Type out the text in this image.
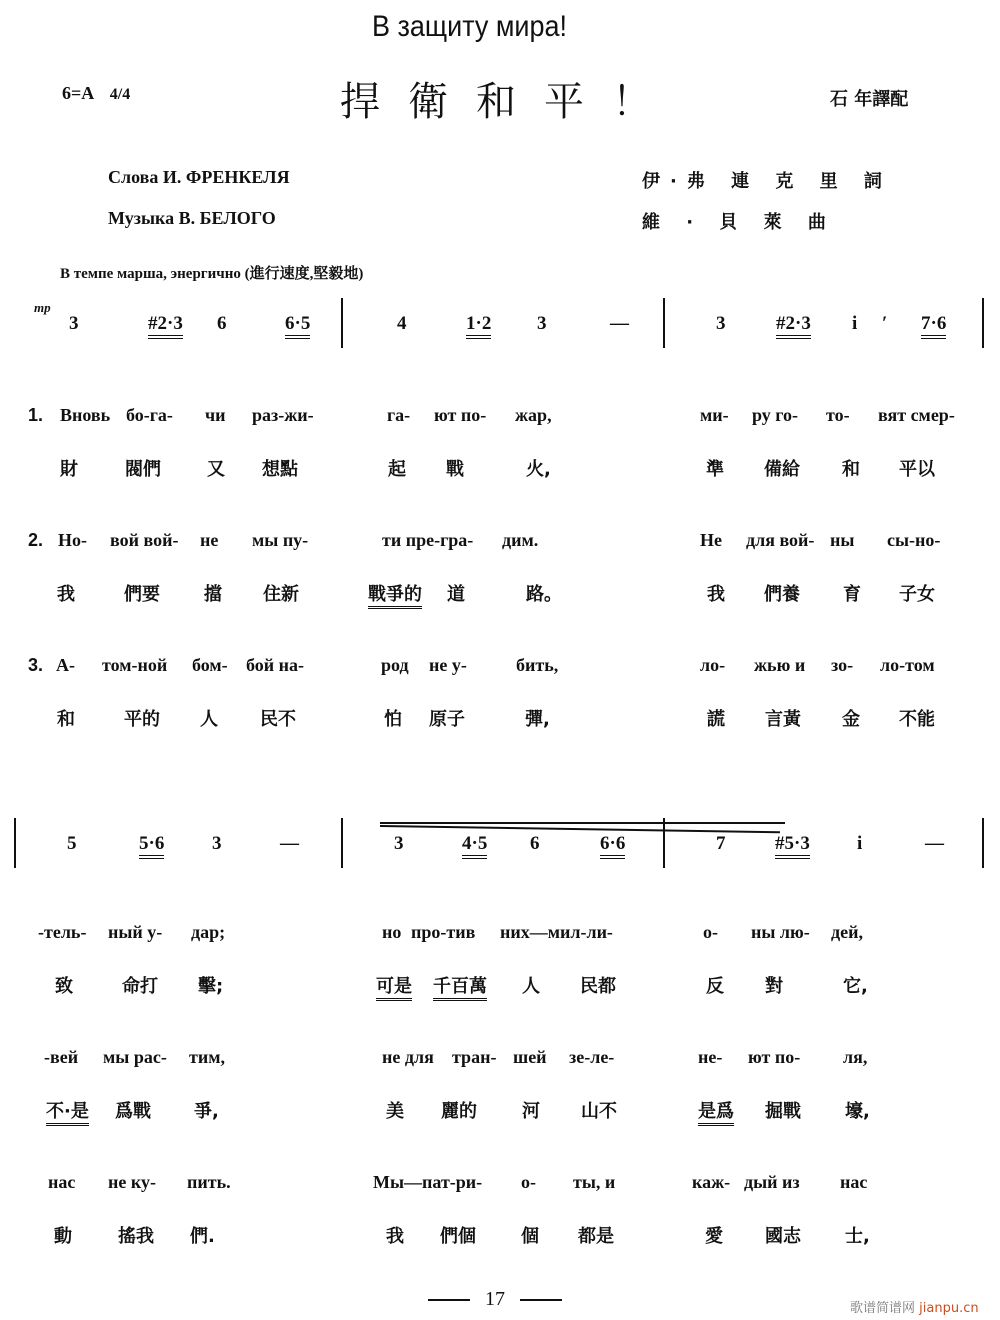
В защиту мира!
6=A 4/4	捍衛和平！	石 年譯配
Слова И. ФРЕНКЕЛЯ
Музыка В. БЕЛОГО
伊·弗 連 克 里 詞
維 · 貝 萊 曲
В темпе марша, энергично (進行速度,堅毅地)
mp
3	#2·3 6	6·5	4	1·2 3	—	3	#2·3 i ′ 7·6
1. Вновь бо-га- чи раз-жи-	га- ют по- жар,	ми- ру го- то- вят смер-
財	閥們	又 想點	起 戰	火,	準 備給 和 平以
2. Но- вой вой- не мы пу-	ти пре-гра- дим.	Не для вой- ны сы-но-
我	們要 擋 住新	戰爭的 道	路。	我 們養 育 子女
3. А- том-ной бом- бой на-	род не у-	бить,	ло- жью и зо- ло-том
和	平的 人 民不	怕 原子	彈,	謊 言黃 金 不能
5	5·6	3	—	3	4·5 6	6·6	7	#5·3 i	—
-тель- ный у- дар;	но про-тив них—мил-ли-	о- ны лю- дей,
致	命打 擊;	可是 千百萬 人 民都	反 對	它,
-вей мы рас- тим,	не для тран- шей зе-ле-	не- ют по- ля,
不·是 爲戰 爭,	美 麗的	河 山不	是爲 掘戰 壕,
нас не ку- пить.	Мы—пат-ри- о- ты, и	каж- дый из нас
動	搖我 們.	我 們個	個 都是	愛 國志 士,
17	歌谱简谱网 jianpu.cn
